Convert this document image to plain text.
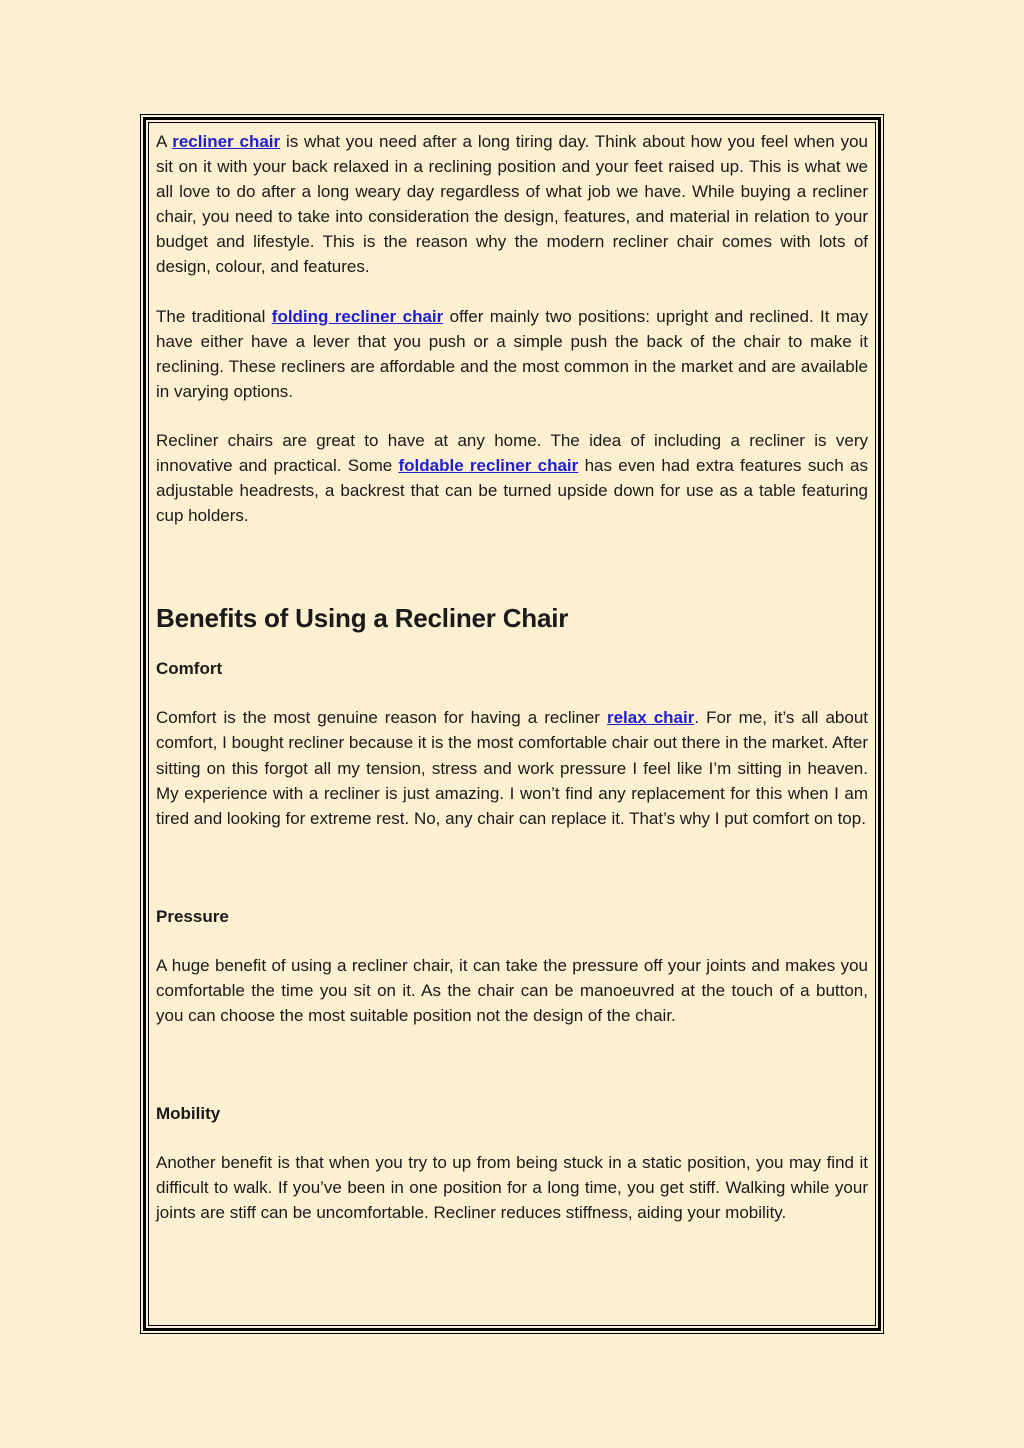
A recliner chair is what you need after a long tiring day. Think about how you feel when you sit on it with your back relaxed in a reclining position and your feet raised up. This is what we all love to do after a long weary day regardless of what job we have. While buying a recliner chair, you need to take into consideration the design, features, and material in relation to your budget and lifestyle. This is the reason why the modern recliner chair comes with lots of design, colour, and features.

The traditional folding recliner chair offer mainly two positions: upright and reclined. It may have either have a lever that you push or a simple push the back of the chair to make it reclining. These recliners are affordable and the most common in the market and are available in varying options.

Recliner chairs are great to have at any home. The idea of including a recliner is very innovative and practical. Some foldable recliner chair has even had extra features such as adjustable headrests, a backrest that can be turned upside down for use as a table featuring cup holders.

Benefits of Using a Recliner Chair
Comfort

Comfort is the most genuine reason for having a recliner relax chair. For me, it’s all about comfort, I bought recliner because it is the most comfortable chair out there in the market. After sitting on this forgot all my tension, stress and work pressure I feel like I’m sitting in heaven. My experience with a recliner is just amazing. I won’t find any replacement for this when I am tired and looking for extreme rest. No, any chair can replace it. That’s why I put comfort on top.

Pressure

A huge benefit of using a recliner chair, it can take the pressure off your joints and makes you comfortable the time you sit on it. As the chair can be manoeuvred at the touch of a button, you can choose the most suitable position not the design of the chair.

Mobility

Another benefit is that when you try to up from being stuck in a static position, you may find it difficult to walk. If you’ve been in one position for a long time, you get stiff. Walking while your joints are stiff can be uncomfortable. Recliner reduces stiffness, aiding your mobility.
